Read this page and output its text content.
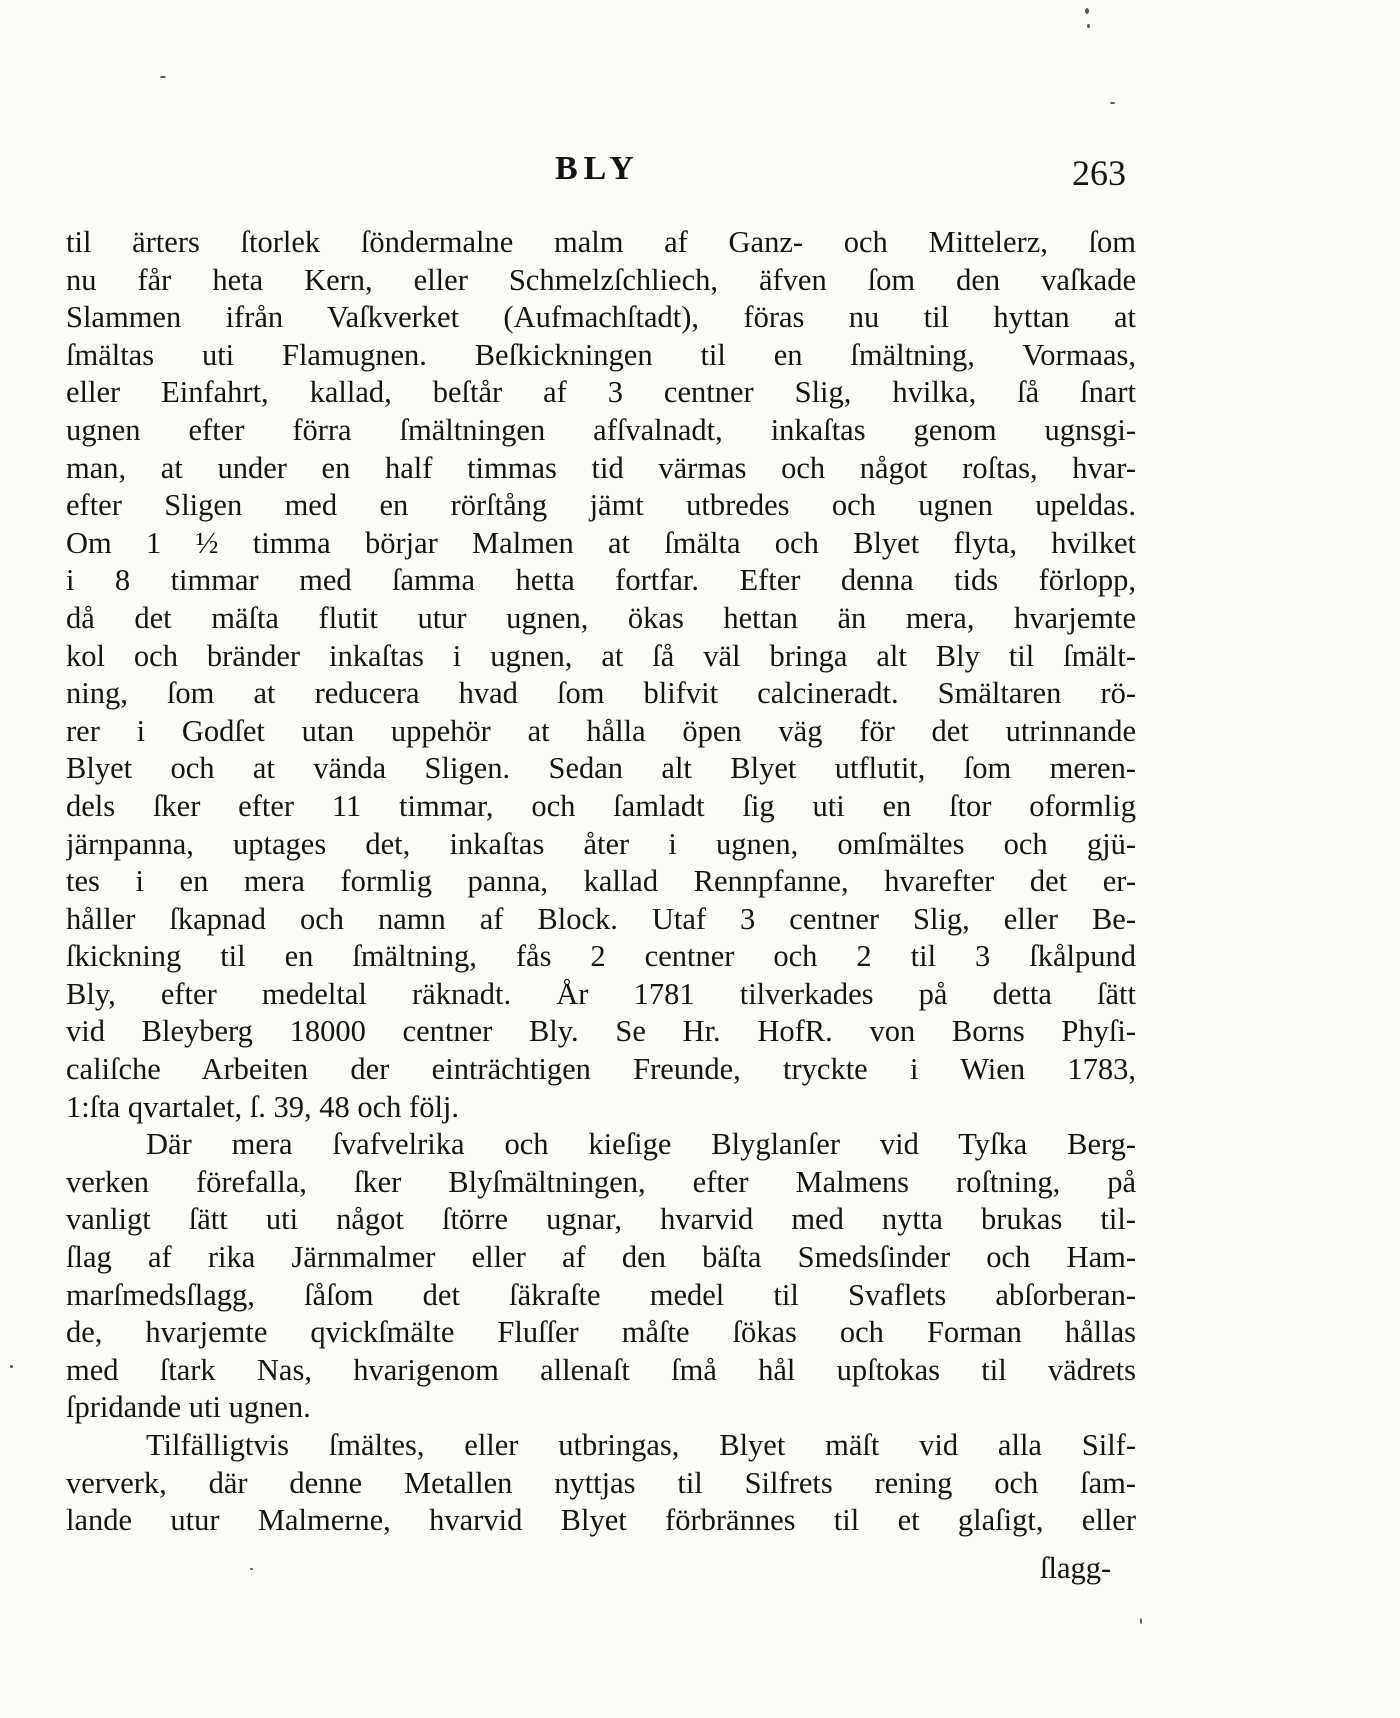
BLY	263
til ärters ſtorlek ſöndermalne malm af Ganz- och Mittelerz, ſom
nu får heta Kern, eller Schmelzſchliech, äfven ſom den vaſkade
Slammen ifrån Vaſkverket (Aufmachſtadt), föras nu til hyttan at
ſmältas uti Flamugnen. Beſkickningen til en ſmältning, Vormaas,
eller Einfahrt, kallad, beſtår af 3 centner Slig, hvilka, ſå ſnart
ugnen efter förra ſmältningen afſvalnadt, inkaſtas genom ugnsgi-
man, at under en half timmas tid värmas och något roſtas, hvar-
efter Sligen med en rörſtång jämt utbredes och ugnen upeldas.
Om 1 ½ timma börjar Malmen at ſmälta och Blyet flyta, hvilket
i 8 timmar med ſamma hetta fortfar. Efter denna tids förlopp,
då det mäſta flutit utur ugnen, ökas hettan än mera, hvarjemte
kol och bränder inkaſtas i ugnen, at ſå väl bringa alt Bly til ſmält-
ning, ſom at reducera hvad ſom blifvit calcineradt. Smältaren rö-
rer i Godſet utan uppehör at hålla öpen väg för det utrinnande
Blyet och at vända Sligen. Sedan alt Blyet utflutit, ſom meren-
dels ſker efter 11 timmar, och ſamladt ſig uti en ſtor oformlig
järnpanna, uptages det, inkaſtas åter i ugnen, omſmältes och gjü-
tes i en mera formlig panna, kallad Rennpfanne, hvarefter det er-
håller ſkapnad och namn af Block. Utaf 3 centner Slig, eller Be-
ſkickning til en ſmältning, fås 2 centner och 2 til 3 ſkålpund
Bly, efter medeltal räknadt. År 1781 tilverkades på detta ſätt
vid Bleyberg 18000 centner Bly. Se Hr. HofR. von Borns Phyſi-
caliſche Arbeiten der einträchtigen Freunde, tryckte i Wien 1783,
1:ſta qvartalet, ſ. 39, 48 och följ.
Där mera ſvafvelrika och kieſige Blyglanſer vid Tyſka Berg-
verken förefalla, ſker Blyſmältningen, efter Malmens roſtning, på
vanligt ſätt uti något ſtörre ugnar, hvarvid med nytta brukas til-
ſlag af rika Järnmalmer eller af den bäſta Smedsſinder och Ham-
marſmedsſlagg, ſåſom det ſäkraſte medel til Svaflets abſorberan-
de, hvarjemte qvickſmälte Fluſſer måſte ſökas och Forman hållas
med ſtark Nas, hvarigenom allenaſt ſmå hål upſtokas til vädrets
ſpridande uti ugnen.
Tilfälligtvis ſmältes, eller utbringas, Blyet mäſt vid alla Silf-
ververk, där denne Metallen nyttjas til Silfrets rening och ſam-
lande utur Malmerne, hvarvid Blyet förbrännes til et glaſigt, eller
ſlagg-
